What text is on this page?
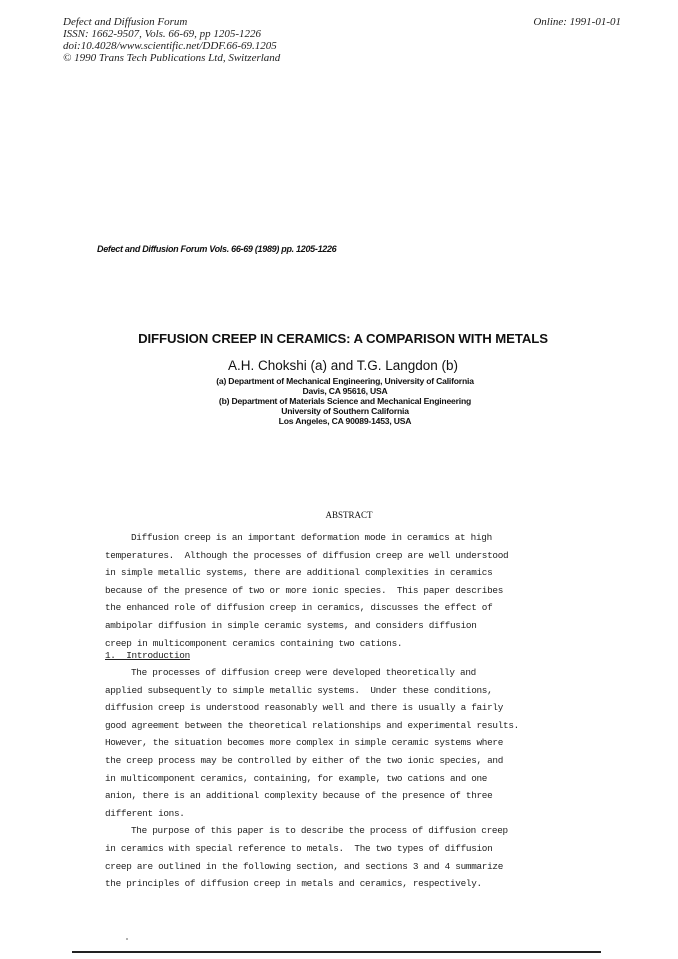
Defect and Diffusion Forum
ISSN: 1662-9507, Vols. 66-69, pp 1205-1226
doi:10.4028/www.scientific.net/DDF.66-69.1205
© 1990 Trans Tech Publications Ltd, Switzerland
Online: 1991-01-01
Defect and Diffusion Forum Vols. 66-69 (1989) pp. 1205-1226
DIFFUSION CREEP IN CERAMICS: A COMPARISON WITH METALS
A.H. Chokshi (a) and T.G. Langdon (b)
(a) Department of Mechanical Engineering, University of California
Davis, CA 95616, USA
(b) Department of Materials Science and Mechanical Engineering
University of Southern California
Los Angeles, CA 90089-1453, USA
ABSTRACT
Diffusion creep is an important deformation mode in ceramics at high
temperatures.  Although the processes of diffusion creep are well understood
in simple metallic systems, there are additional complexities in ceramics
because of the presence of two or more ionic species.  This paper describes
the enhanced role of diffusion creep in ceramics, discusses the effect of
ambipolar diffusion in simple ceramic systems, and considers diffusion
creep in multicomponent ceramics containing two cations.
1.  Introduction
The processes of diffusion creep were developed theoretically and
applied subsequently to simple metallic systems.  Under these conditions,
diffusion creep is understood reasonably well and there is usually a fairly
good agreement between the theoretical relationships and experimental results.
However, the situation becomes more complex in simple ceramic systems where
the creep process may be controlled by either of the two ionic species, and
in multicomponent ceramics, containing, for example, two cations and one
anion, there is an additional complexity because of the presence of three
different ions.
The purpose of this paper is to describe the process of diffusion creep
in ceramics with special reference to metals.  The two types of diffusion
creep are outlined in the following section, and sections 3 and 4 summarize
the principles of diffusion creep in metals and ceramics, respectively.
